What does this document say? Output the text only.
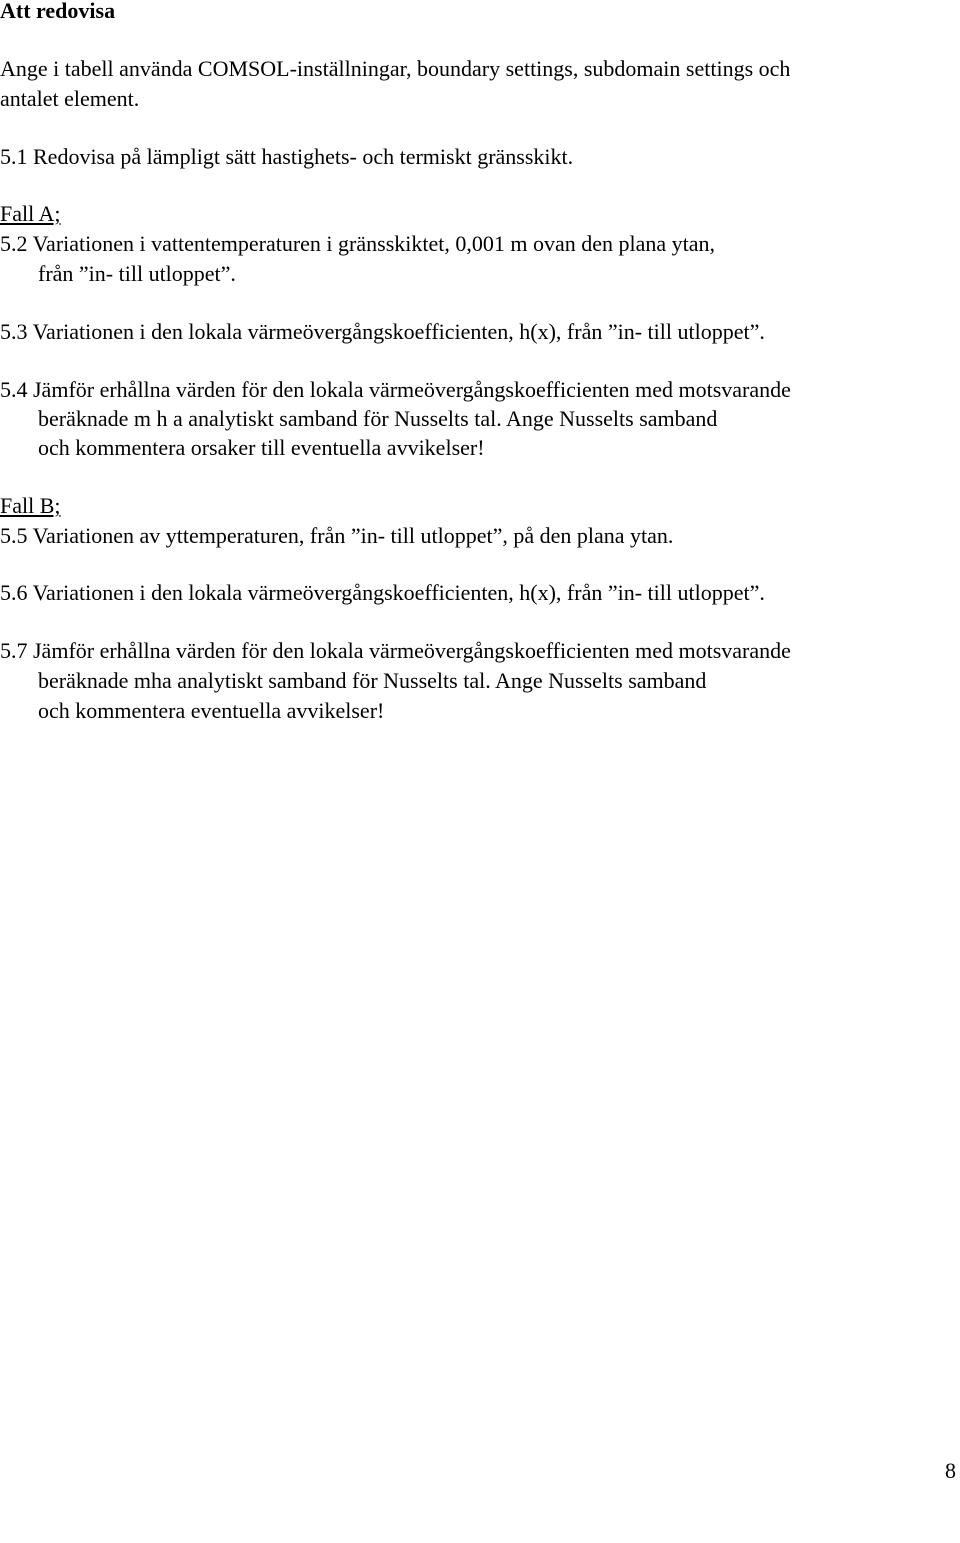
Att redovisa

Ange i tabell använda COMSOL-inställningar, boundary settings, subdomain settings och

antalet element.

5.1 Redovisa på lämpligt sätt hastighets- och termiskt gränsskikt.

Fall A;

5.2 Variationen i vattentemperaturen i gränsskiktet, 0,001 m ovan den plana ytan,

från ”in- till utloppet”.

5.3 Variationen i den lokala värmeövergångskoefficienten, h(x), från ”in- till utloppet”.

5.4 Jämför erhållna värden för den lokala värmeövergångskoefficienten med motsvarande

beräknade m h a analytiskt samband för Nusselts tal. Ange Nusselts samband

och kommentera orsaker till eventuella avvikelser!

Fall B;

5.5 Variationen av yttemperaturen, från ”in- till utloppet”, på den plana ytan.

5.6 Variationen i den lokala värmeövergångskoefficienten, h(x), från ”in- till utloppet”.

5.7 Jämför erhållna värden för den lokala värmeövergångskoefficienten med motsvarande

beräknade mha analytiskt samband för Nusselts tal. Ange Nusselts samband

och kommentera eventuella avvikelser!

8
